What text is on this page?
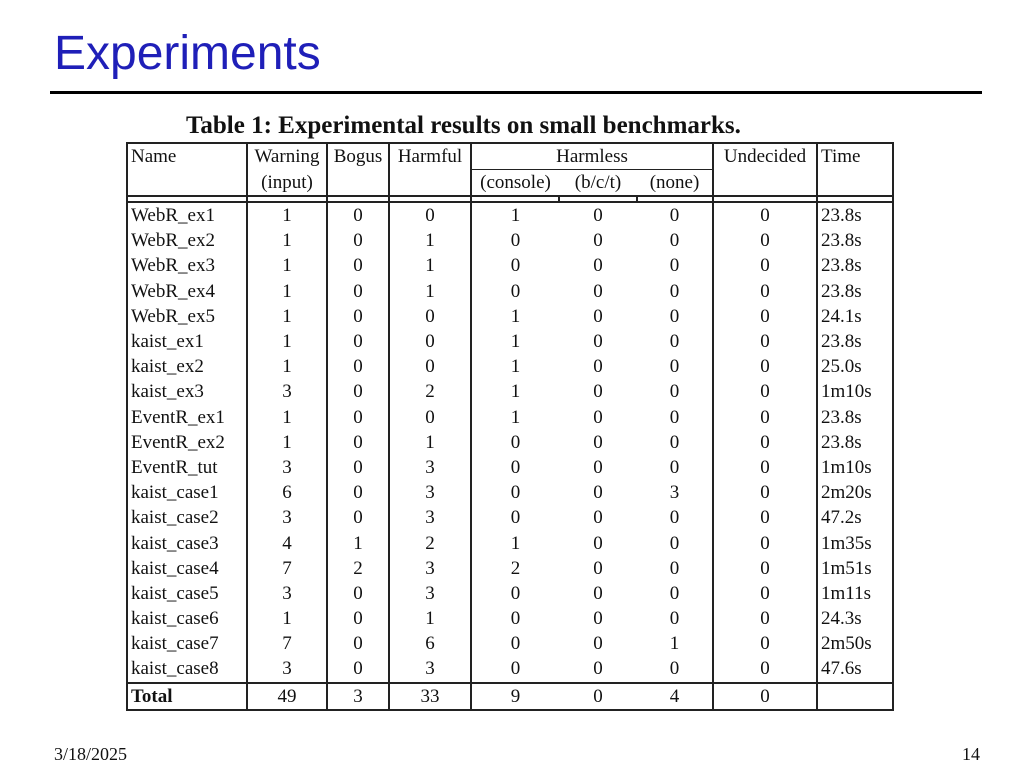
Experiments
Table 1: Experimental results on small benchmarks.
Name	Warning	Bogus	Harmful	Harmless			Undecided	Time
	(input)			(console)	(b/c/t)	(none)		

WebR_ex1	1	0	0	1	0	0	0	23.8s
WebR_ex2	1	0	1	0	0	0	0	23.8s
WebR_ex3	1	0	1	0	0	0	0	23.8s
WebR_ex4	1	0	1	0	0	0	0	23.8s
WebR_ex5	1	0	0	1	0	0	0	24.1s
kaist_ex1	1	0	0	1	0	0	0	23.8s
kaist_ex2	1	0	0	1	0	0	0	25.0s
kaist_ex3	3	0	2	1	0	0	0	1m10s
EventR_ex1	1	0	0	1	0	0	0	23.8s
EventR_ex2	1	0	1	0	0	0	0	23.8s
EventR_tut	3	0	3	0	0	0	0	1m10s
kaist_case1	6	0	3	0	0	3	0	2m20s
kaist_case2	3	0	3	0	0	0	0	47.2s
kaist_case3	4	1	2	1	0	0	0	1m35s
kaist_case4	7	2	3	2	0	0	0	1m51s
kaist_case5	3	0	3	0	0	0	0	1m11s
kaist_case6	1	0	1	0	0	0	0	24.3s
kaist_case7	7	0	6	0	0	1	0	2m50s
kaist_case8	3	0	3	0	0	0	0	47.6s
Total	49	3	33	9	0	4	0	
3/18/2025	14
